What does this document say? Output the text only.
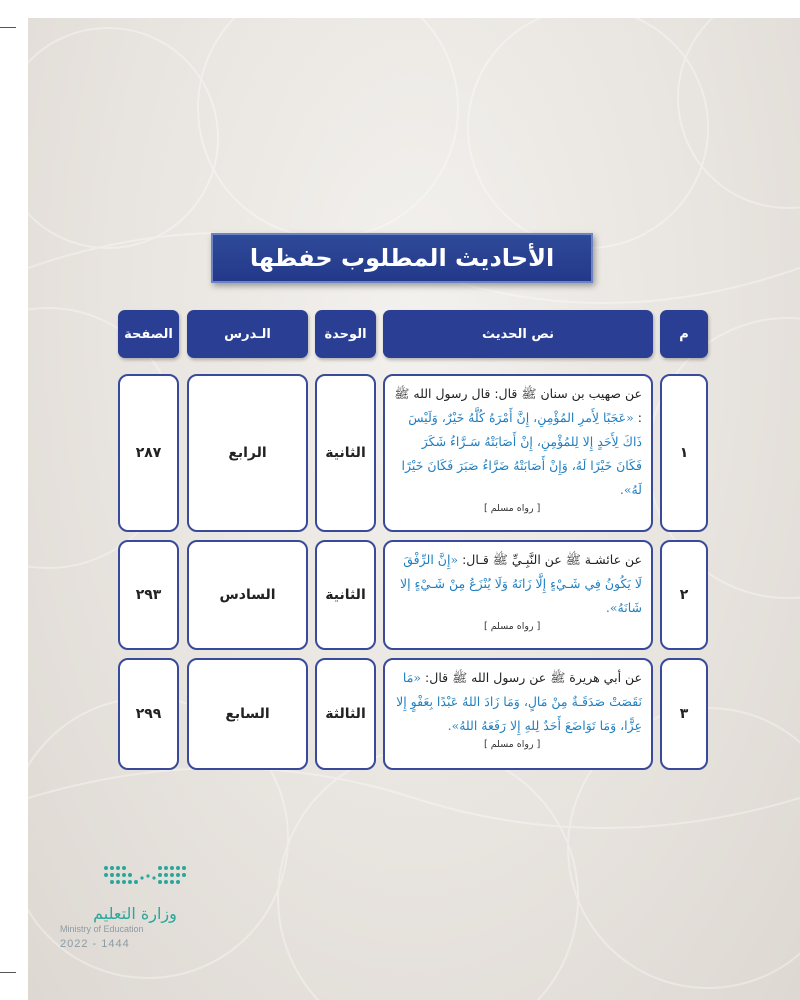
الأحاديث المطلوب حفظها
م
نص الحديث
الوحدة
الـدرس
الصفحة
١
عن صهيب بن سنان ﷺ قال: قال رسول الله ﷺ : «عَجَبًا لِأَمرِ المُؤْمِنِ، إِنَّ أَمْرَهُ كُلَّهُ خَيْرٌ، وَلَيْسَ ذَاكَ لِأَحَدٍ إِلا لِلمُؤْمِنِ، إِنْ أَصَابَتْهُ سَـرَّاءُ شَكَرَ فَكَانَ خَيْرًا لَهُ، وَإِنْ أَصَابَتْهُ ضَرَّاءُ صَبَرَ فَكَانَ خَيْرًا لَهُ».
[ رواه مسلم ]
الثانية
الرابع
٢٨٧
٢
عن عائشـة ﷺ عن النَّبِـيِّ ﷺ قـال: «إِنَّ الرِّفْقَ لَا يَكُونُ فِي شَـيْءٍ إِلَّا زَانَهُ وَلَا يُنْزَعُ مِنْ شَـيْءٍ إلا شَانَهُ».
[ رواه مسلم ]
الثانية
السادس
٢٩٣
٣
عن أبي هريرة ﷺ عن رسول الله ﷺ قال: «مَا نَقَصَتْ صَدَقَـةٌ مِنْ مَالٍ، وَمَا زَادَ اللهُ عَبْدًا بِعَفْوٍ إِلا عِزًّا، وَمَا تَوَاضَعَ أَحَدٌ لِلهِ إِلا رَفَعَهُ اللهُ».
[ رواه مسلم ]
الثالثة
السابع
٢٩٩
وزارة التعليم
Ministry of Education
2022 - 1444
